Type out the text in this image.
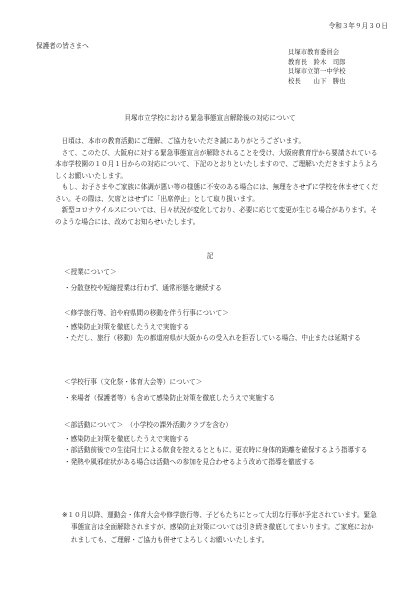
令和３年９月３０日
保護者の皆さまへ
貝塚市教育委員会
教育長　鈴木　司郎
貝塚市立第一中学校
校長　　山下　勝也
貝塚市立学校における緊急事態宣言解除後の対応について
日頃は、本市の教育活動にご理解、ご協力をいただき誠にありがとうございます。
さて、このたび、大阪府に対する緊急事態宣言が解除されることを受け、大阪府教育庁から要請されている本市学校園の１０月１日からの対応について、下記のとおりといたしますので、ご理解いただきますようよろしくお願いいたします。
もし、お子さまやご家族に体調が悪い等の様態に不安のある場合には、無理をさせずに学校を休ませてください。その際は、欠席とはせずに「出席停止」として取り扱います。
新型コロナウイルスについては、日々状況が変化しており、必要に応じて変更が生じる場合があります。そのような場合には、改めてお知らせいたします。
記
＜授業について＞
・分散登校や短縮授業は行わず、通常形態を継続する
＜修学旅行等、泊や府県間の移動を伴う行事について＞
・感染防止対策を徹底したうえで実施する
・ただし、旅行（移動）先の都道府県が大阪からの受入れを拒否している場合、中止または延期する
＜学校行事（文化祭・体育大会等）について＞
・来場者（保護者等）も含めて感染防止対策を徹底したうえで実施する
＜部活動について＞　（小学校の課外活動クラブを含む）
・感染防止対策を徹底したうえで実施する
・部活動前後での生徒同士による飲食を控えるとともに、更衣時に身体的距離を確保するよう指導する
・発熱や風邪症状がある場合は活動への参加を見合わせるよう改めて指導を徹底する
※１０月以降、運動会・体育大会や修学旅行等、子どもたちにとって大切な行事が予定されています。緊急事態宣言は全面解除されますが、感染防止対策については引き続き徹底してまいります。ご家庭におかれましても、ご理解・ご協力も併せてよろしくお願いいたします。
